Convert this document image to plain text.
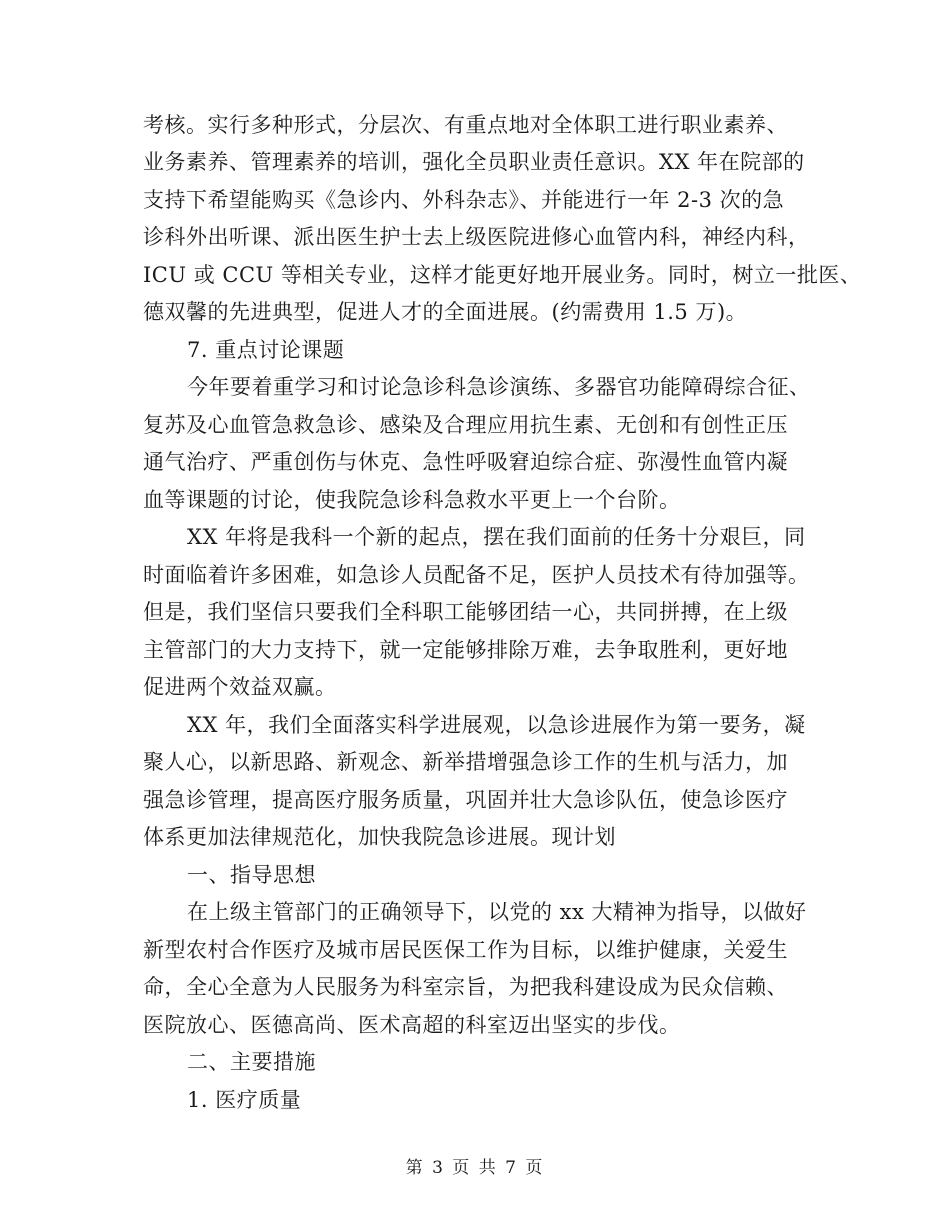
考核。实行多种形式，分层次、有重点地对全体职工进行职业素养、
业务素养、管理素养的培训，强化全员职业责任意识。XX 年在院部的
支持下希望能购买《急诊内、外科杂志》、并能进行一年 2-3 次的急
诊科外出听课、派出医生护士去上级医院进修心血管内科，神经内科，
ICU 或 CCU 等相关专业，这样才能更好地开展业务。同时，树立一批医、
德双馨的先进典型，促进人才的全面进展。(约需费用 1.5 万)。
7. 重点讨论课题
今年要着重学习和讨论急诊科急诊演练、多器官功能障碍综合征、
复苏及心血管急救急诊、感染及合理应用抗生素、无创和有创性正压
通气治疗、严重创伤与休克、急性呼吸窘迫综合症、弥漫性血管内凝
血等课题的讨论，使我院急诊科急救水平更上一个台阶。
XX 年将是我科一个新的起点，摆在我们面前的任务十分艰巨，同
时面临着许多困难，如急诊人员配备不足，医护人员技术有待加强等。
但是，我们坚信只要我们全科职工能够团结一心，共同拼搏，在上级
主管部门的大力支持下，就一定能够排除万难，去争取胜利，更好地
促进两个效益双赢。
XX 年，我们全面落实科学进展观，以急诊进展作为第一要务，凝
聚人心，以新思路、新观念、新举措增强急诊工作的生机与活力，加
强急诊管理，提高医疗服务质量，巩固并壮大急诊队伍，使急诊医疗
体系更加法律规范化，加快我院急诊进展。现计划
一、指导思想
在上级主管部门的正确领导下，以党的 xx 大精神为指导，以做好
新型农村合作医疗及城市居民医保工作为目标，以维护健康，关爱生
命，全心全意为人民服务为科室宗旨，为把我科建设成为民众信赖、
医院放心、医德高尚、医术高超的科室迈出坚实的步伐。
二、主要措施
1. 医疗质量
第 3 页 共 7 页
